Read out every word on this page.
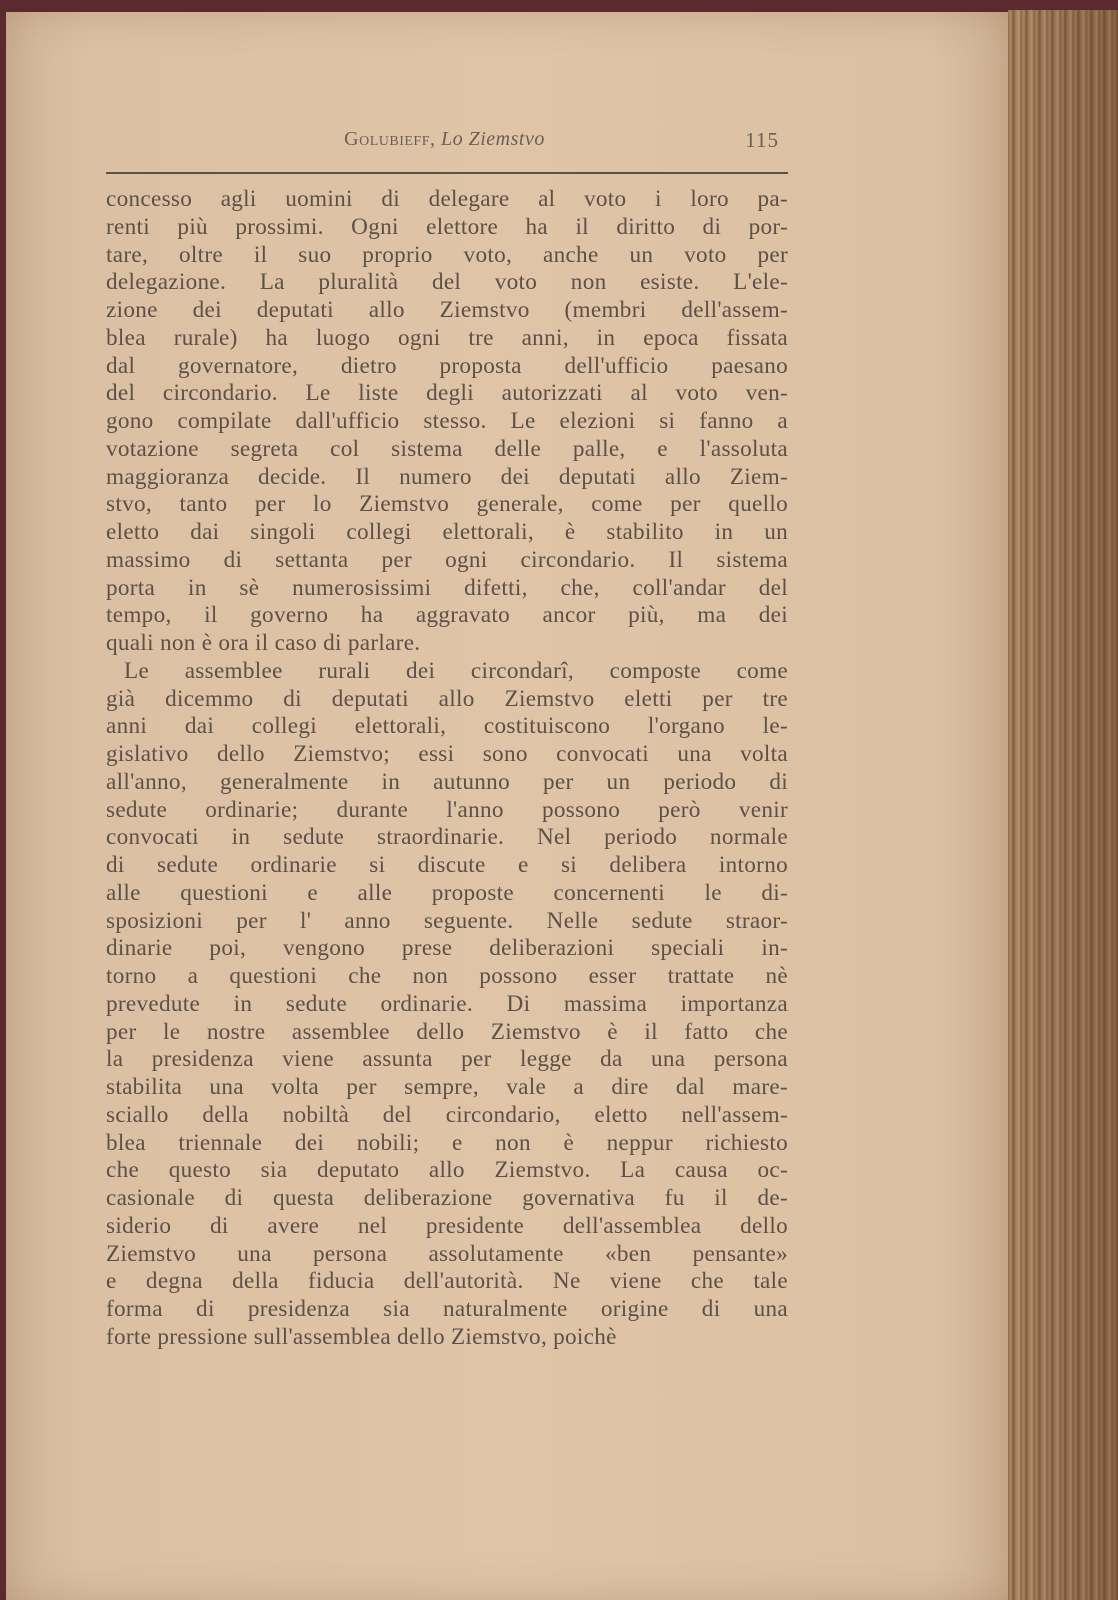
Golubieff, Lo Ziemstvo	115
concesso agli uomini di delegare al voto i loro pa-
renti più prossimi. Ogni elettore ha il diritto di por-
tare, oltre il suo proprio voto, anche un voto per
delegazione. La pluralità del voto non esiste. L'ele-
zione dei deputati allo Ziemstvo (membri dell'assem-
blea rurale) ha luogo ogni tre anni, in epoca fissata
dal governatore, dietro proposta dell'ufficio paesano
del circondario. Le liste degli autorizzati al voto ven-
gono compilate dall'ufficio stesso. Le elezioni si fanno a
votazione segreta col sistema delle palle, e l'assoluta
maggioranza decide. Il numero dei deputati allo Ziem-
stvo, tanto per lo Ziemstvo generale, come per quello
eletto dai singoli collegi elettorali, è stabilito in un
massimo di settanta per ogni circondario. Il sistema
porta in sè numerosissimi difetti, che, coll'andar del
tempo, il governo ha aggravato ancor più, ma dei
quali non è ora il caso di parlare.
Le assemblee rurali dei circondarî, composte come
già dicemmo di deputati allo Ziemstvo eletti per tre
anni dai collegi elettorali, costituiscono l'organo le-
gislativo dello Ziemstvo; essi sono convocati una volta
all'anno, generalmente in autunno per un periodo di
sedute ordinarie; durante l'anno possono però venir
convocati in sedute straordinarie. Nel periodo normale
di sedute ordinarie si discute e si delibera intorno
alle questioni e alle proposte concernenti le di-
sposizioni per l' anno seguente. Nelle sedute straor-
dinarie poi, vengono prese deliberazioni speciali in-
torno a questioni che non possono esser trattate nè
prevedute in sedute ordinarie. Di massima importanza
per le nostre assemblee dello Ziemstvo è il fatto che
la presidenza viene assunta per legge da una persona
stabilita una volta per sempre, vale a dire dal mare-
sciallo della nobiltà del circondario, eletto nell'assem-
blea triennale dei nobili; e non è neppur richiesto
che questo sia deputato allo Ziemstvo. La causa oc-
casionale di questa deliberazione governativa fu il de-
siderio di avere nel presidente dell'assemblea dello
Ziemstvo una persona assolutamente «ben pensante»
e degna della fiducia dell'autorità. Ne viene che tale
forma di presidenza sia naturalmente origine di una
forte pressione sull'assemblea dello Ziemstvo, poichè
